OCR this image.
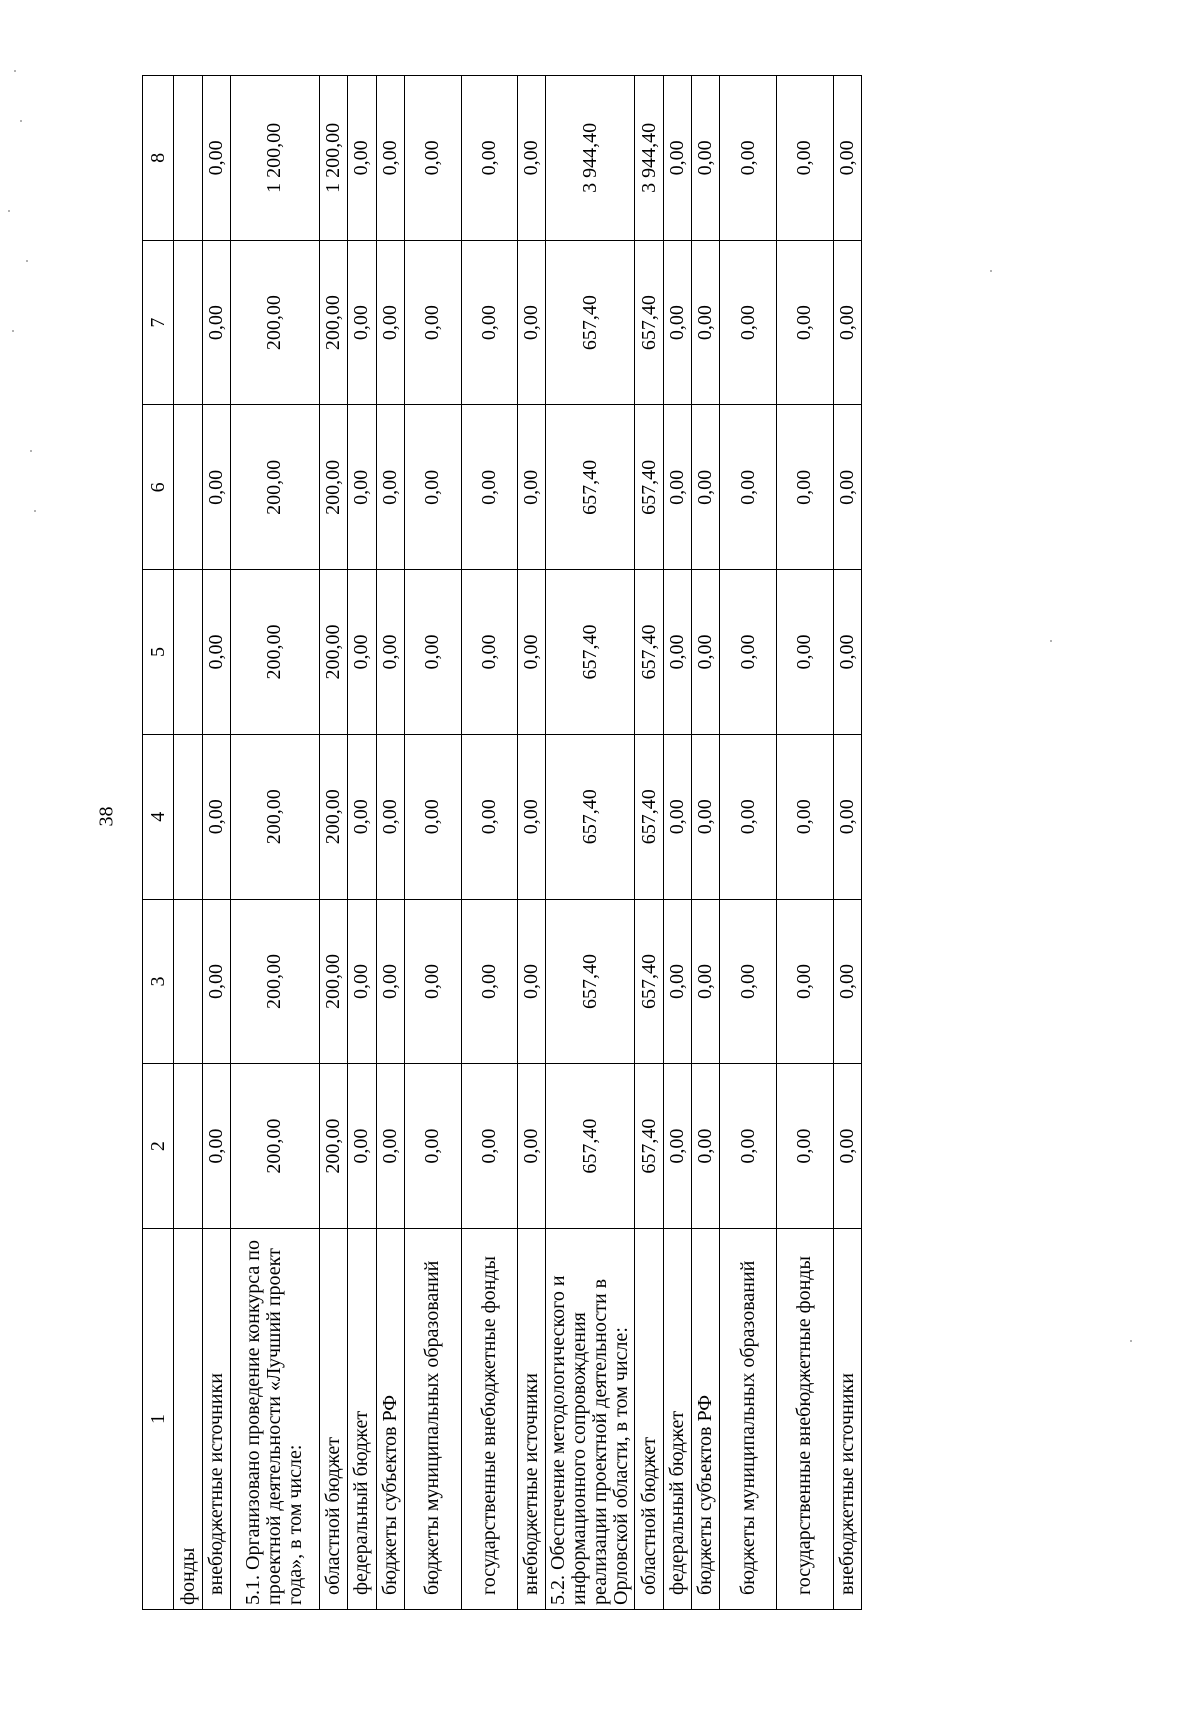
38
1	2	3	4	5	6	7	8
фонды							
внебюджетные источники	0,00	0,00	0,00	0,00	0,00	0,00	0,00
5.1. Организовано проведение конкурса по проектной деятельности «Лучший проект года», в том числе:	200,00	200,00	200,00	200,00	200,00	200,00	1 200,00
областной бюджет	200,00	200,00	200,00	200,00	200,00	200,00	1 200,00
федеральный бюджет	0,00	0,00	0,00	0,00	0,00	0,00	0,00
бюджеты субъектов РФ	0,00	0,00	0,00	0,00	0,00	0,00	0,00
бюджеты муниципальных образований	0,00	0,00	0,00	0,00	0,00	0,00	0,00
государственные внебюджетные фонды	0,00	0,00	0,00	0,00	0,00	0,00	0,00
внебюджетные источники	0,00	0,00	0,00	0,00	0,00	0,00	0,00
5.2. Обеспечение методологического и информационного сопровождения реализации проектной деятельности в Орловской области, в том числе:	657,40	657,40	657,40	657,40	657,40	657,40	3 944,40
областной бюджет	657,40	657,40	657,40	657,40	657,40	657,40	3 944,40
федеральный бюджет	0,00	0,00	0,00	0,00	0,00	0,00	0,00
бюджеты субъектов РФ	0,00	0,00	0,00	0,00	0,00	0,00	0,00
бюджеты муниципальных образований	0,00	0,00	0,00	0,00	0,00	0,00	0,00
государственные внебюджетные фонды	0,00	0,00	0,00	0,00	0,00	0,00	0,00
внебюджетные источники	0,00	0,00	0,00	0,00	0,00	0,00	0,00
